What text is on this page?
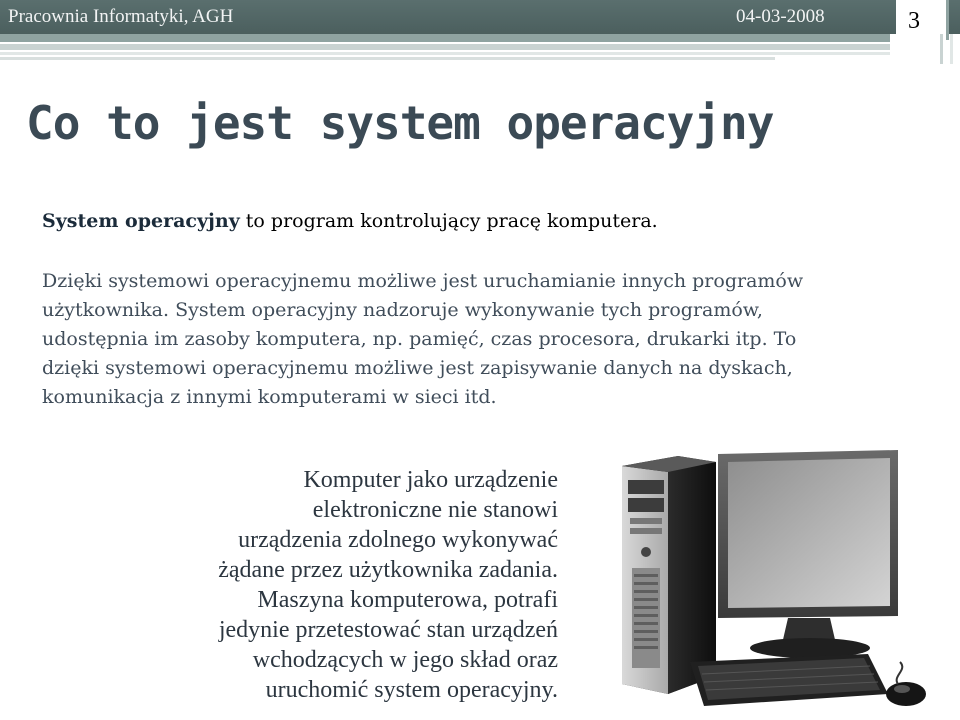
Pracownia Informatyki, AGH	04-03-2008	3
Co to jest system operacyjny
System operacyjny to program kontrolujący pracę komputera.
Dzięki systemowi operacyjnemu możliwe jest uruchamianie innych programów
użytkownika. System operacyjny nadzoruje wykonywanie tych programów,
udostępnia im zasoby komputera, np. pamięć, czas procesora, drukarki itp. To
dzięki systemowi operacyjnemu możliwe jest zapisywanie danych na dyskach,
komunikacja z innymi komputerami w sieci itd.
Komputer jako urządzenie
elektroniczne nie stanowi
urządzenia zdolnego wykonywać
żądane przez użytkownika zadania.
Maszyna komputerowa, potrafi
jedynie przetestować stan urządzeń
wchodzących w jego skład oraz
uruchomić system operacyjny.
